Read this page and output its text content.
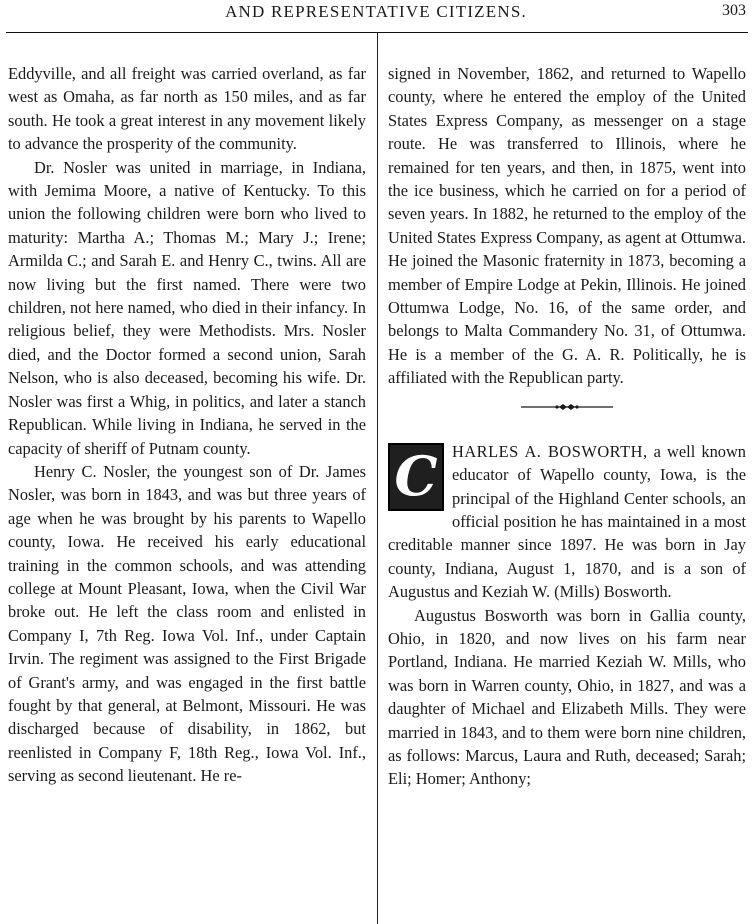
AND REPRESENTATIVE CITIZENS.	303

Eddyville, and all freight was carried overland, as far west as Omaha, as far north as 150 miles, and as far south. He took a great interest in any movement likely to advance the prosperity of the community.

Dr. Nosler was united in marriage, in Indiana, with Jemima Moore, a native of Kentucky. To this union the following children were born who lived to maturity: Martha A.; Thomas M.; Mary J.; Irene; Armilda C.; and Sarah E. and Henry C., twins. All are now living but the first named. There were two children, not here named, who died in their infancy. In religious belief, they were Methodists. Mrs. Nosler died, and the Doctor formed a second union, Sarah Nelson, who is also deceased, becoming his wife. Dr. Nosler was first a Whig, in politics, and later a stanch Republican. While living in Indiana, he served in the capacity of sheriff of Putnam county.

Henry C. Nosler, the youngest son of Dr. James Nosler, was born in 1843, and was but three years of age when he was brought by his parents to Wapello county, Iowa. He received his early educational training in the common schools, and was attending college at Mount Pleasant, Iowa, when the Civil War broke out. He left the class room and enlisted in Company I, 7th Reg. Iowa Vol. Inf., under Captain Irvin. The regiment was assigned to the First Brigade of Grant's army, and was engaged in the first battle fought by that general, at Belmont, Missouri. He was discharged because of disability, in 1862, but reenlisted in Company F, 18th Reg., Iowa Vol. Inf., serving as second lieutenant. He re-

signed in November, 1862, and returned to Wapello county, where he entered the employ of the United States Express Company, as messenger on a stage route. He was transferred to Illinois, where he remained for ten years, and then, in 1875, went into the ice business, which he carried on for a period of seven years. In 1882, he returned to the employ of the United States Express Company, as agent at Ottumwa. He joined the Masonic fraternity in 1873, becoming a member of Empire Lodge at Pekin, Illinois. He joined Ottumwa Lodge, No. 16, of the same order, and belongs to Malta Commandery No. 31, of Ottumwa. He is a member of the G. A. R. Politically, he is affiliated with the Republican party.

C HARLES A. BOSWORTH, a well known educator of Wapello county, Iowa, is the principal of the Highland Center schools, an official position he has maintained in a most creditable manner since 1897. He was born in Jay county, Indiana, August 1, 1870, and is a son of Augustus and Keziah W. (Mills) Bosworth.

Augustus Bosworth was born in Gallia county, Ohio, in 1820, and now lives on his farm near Portland, Indiana. He married Keziah W. Mills, who was born in Warren county, Ohio, in 1827, and was a daughter of Michael and Elizabeth Mills. They were married in 1843, and to them were born nine children, as follows: Marcus, Laura and Ruth, deceased; Sarah; Eli; Homer; Anthony;
